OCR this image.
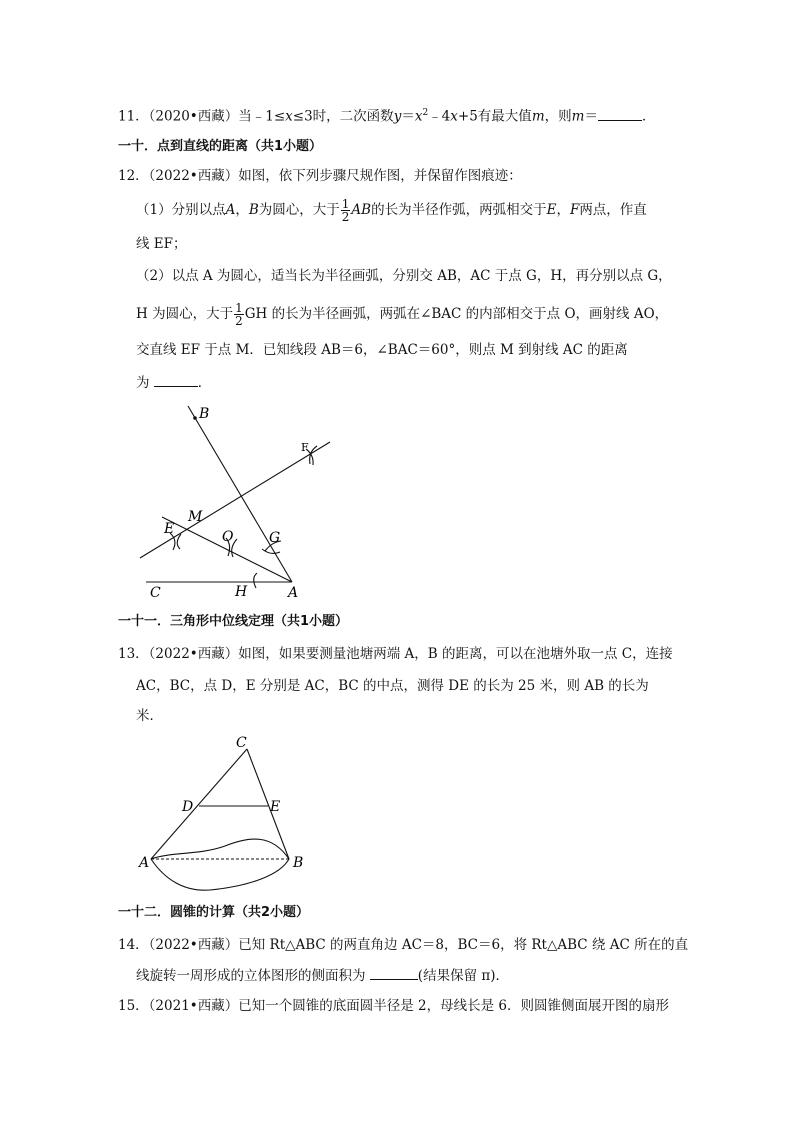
11．（2020•西藏）当﹣1≤x≤3时，二次函数$y=x^2﹣4x+5$有最大值m，则m＝	．
一十．点到直线的距离（共1小题）
12．（2022•西藏）如图，依下列步骤尺规作图，并保留作图痕迹：
（1）分别以点A，B为圆心，大于 $\frac{1}{2}$ AB的长为半径作弧，两弧相交于E，F两点，作直
线 EF；
（2）以点 A 为圆心，适当长为半径画弧，分别交 AB，AC 于点 G，H，再分别以点 G，
H 为圆心，大于 $\frac{1}{2}$ GH 的长为半径画弧，两弧在∠BAC 的内部相交于点 O，画射线 AO，
交直线 EF 于点 M．已知线段 AB＝6，∠BAC＝60°，则点 M 到射线 AC 的距离
为	．
B
F
M
E	O	G
C	H	A
一十一．三角形中位线定理（共1小题）
13．（2022•西藏）如图，如果要测量池塘两端 A，B 的距离，可以在池塘外取一点 C，连接
AC，BC，点 D，E 分别是 AC，BC 的中点，测得 DE 的长为 25 米，则 AB 的长为
米．
C
D	E
A	B
一十二．圆锥的计算（共2小题）
14．（2022•西藏）已知 Rt△ABC 的两直角边 AC＝8，BC＝6，将 Rt△ABC 绕 AC 所在的直
线旋转一周形成的立体图形的侧面积为	(结果保留 π)．
15．（2021•西藏）已知一个圆锥的底面圆半径是 2，母线长是 6．则圆锥侧面展开图的扇形
